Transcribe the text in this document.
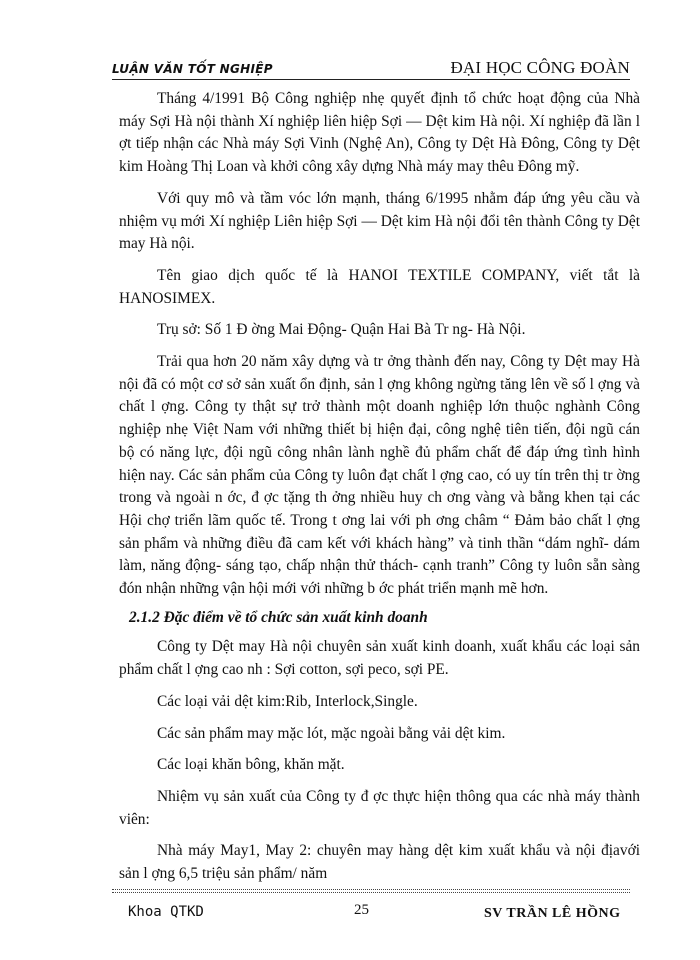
LUẬN VĂN TỐT NGHIỆP	ĐẠI HỌC CÔNG ĐOÀN

Tháng 4/1991 Bộ Công nghiệp nhẹ quyết định tổ chức hoạt động của Nhà máy Sợi Hà nội thành Xí nghiệp liên hiệp Sợi — Dệt kim Hà nội. Xí nghiệp đã lần l ợt tiếp nhận các Nhà máy Sợi Vinh (Nghệ An), Công ty Dệt Hà Đông, Công ty Dệt kim Hoàng Thị Loan và khởi công xây dựng Nhà máy may thêu Đông mỹ.

Với quy mô và tầm vóc lớn mạnh, tháng 6/1995 nhằm đáp ứng yêu cầu và nhiệm vụ mới Xí nghiệp Liên hiệp Sợi — Dệt kim Hà nội đổi tên thành Công ty Dệt may Hà nội.

Tên giao dịch quốc tế là HANOI TEXTILE COMPANY, viết tắt là HANOSIMEX.

Trụ sở: Số 1 Đ ờng Mai Động- Quận Hai Bà Tr ng- Hà Nội.

Trải qua hơn 20 năm xây dựng và tr ởng thành đến nay, Công ty Dệt may Hà nội đã có một cơ sở sản xuất ổn định, sản l ợng không ngừng tăng lên về số l ợng và chất l ợng. Công ty thật sự trở thành một doanh nghiệp lớn thuộc nghành Công nghiệp nhẹ Việt Nam với những thiết bị hiện đại, công nghệ tiên tiến, đội ngũ cán bộ có năng lực, đội ngũ công nhân lành nghề đủ phẩm chất để đáp ứng tình hình hiện nay. Các sản phẩm của Công ty luôn đạt chất l ợng cao, có uy tín trên thị tr ờng trong và ngoài n ớc, đ ợc tặng th ởng nhiều huy ch ơng vàng và bằng khen tại các Hội chợ triển lãm quốc tế. Trong t ơng lai với ph ơng châm “ Đảm bảo chất l ợng sản phẩm và những điều đã cam kết với khách hàng” và tinh thần “dám nghĩ- dám làm, năng động- sáng tạo, chấp nhận thử thách- cạnh tranh” Công ty luôn sẵn sàng đón nhận những vận hội mới với những b ớc phát triển mạnh mẽ hơn.

2.1.2 Đặc điểm về tổ chức sản xuất kinh doanh

Công ty Dệt may Hà nội chuyên sản xuất kinh doanh, xuất khẩu các loại sản phẩm chất l ợng cao nh : Sợi cotton, sợi peco, sợi PE.

Các loại vải dệt kim:Rib, Interlock,Single.

Các sản phẩm may mặc lót, mặc ngoài bằng vải dệt kim.

Các loại khăn bông, khăn mặt.

Nhiệm vụ sản xuất của Công ty đ ợc thực hiện thông qua các nhà máy thành viên:

Nhà máy May1, May 2: chuyên may hàng dệt kim xuất khẩu và nội địavới sản l ợng 6,5 triệu sản phẩm/ năm

Khoa QTKD	25	SV TRẦN LÊ HỒNG
